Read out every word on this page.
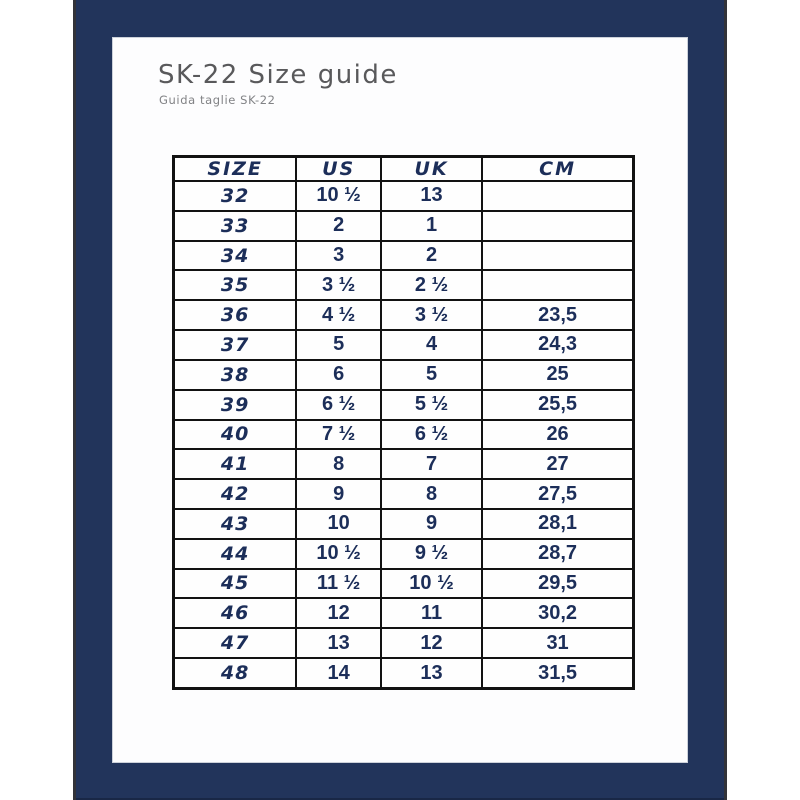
SK-22 Size guide
Guida taglie SK-22
SIZE	US	UK	CM
32	10 ½	13	
33	2	1	
34	3	2	
35	3 ½	2 ½	
36	4 ½	3 ½	23,5
37	5	4	24,3
38	6	5	25
39	6 ½	5 ½	25,5
40	7 ½	6 ½	26
41	8	7	27
42	9	8	27,5
43	10	9	28,1
44	10 ½	9 ½	28,7
45	11 ½	10 ½	29,5
46	12	11	30,2
47	13	12	31
48	14	13	31,5
